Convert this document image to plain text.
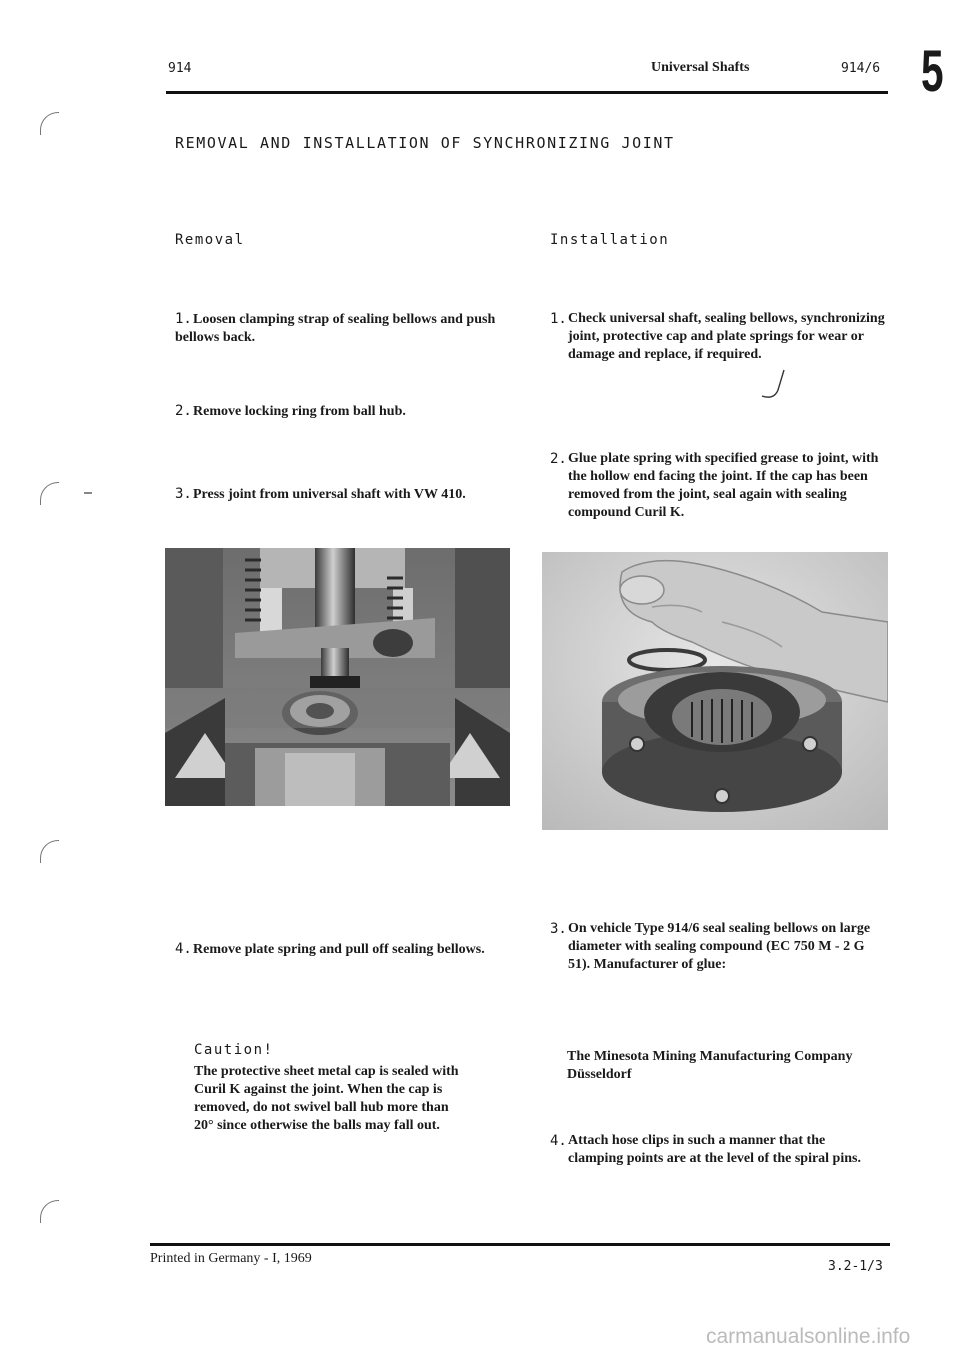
914	Universal Shafts	914/6 5
REMOVAL AND INSTALLATION OF SYNCHRONIZING JOINT
Removal
1.Loosen clamping strap of sealing bellows and push bellows back.
2.Remove locking ring from ball hub.
3.Press joint from universal shaft with VW 410.
4.Remove plate spring and pull off sealing bellows.
Caution!
The protective sheet metal cap is sealed with
Curil K against the joint. When the cap is
removed, do not swivel ball hub more than
20° since otherwise the balls may fall out.
Installation
1. Check universal shaft, sealing bellows, synchronizing joint, protective cap and plate springs for wear or damage and replace, if required.
2. Glue plate spring with specified grease to joint, with the hollow end facing the joint. If the cap has been removed from the joint, seal again with sealing compound Curil K.
3. On vehicle Type 914/6 seal sealing bellows on large diameter with sealing compound (EC 750 M - 2 G 51). Manufacturer of glue:
The Minesota Mining Manufacturing Company
Düsseldorf
4. Attach hose clips in such a manner that the clamping points are at the level of the spiral pins.
Printed in Germany - I, 1969
3.2-1/3
carmanualsonline.info
